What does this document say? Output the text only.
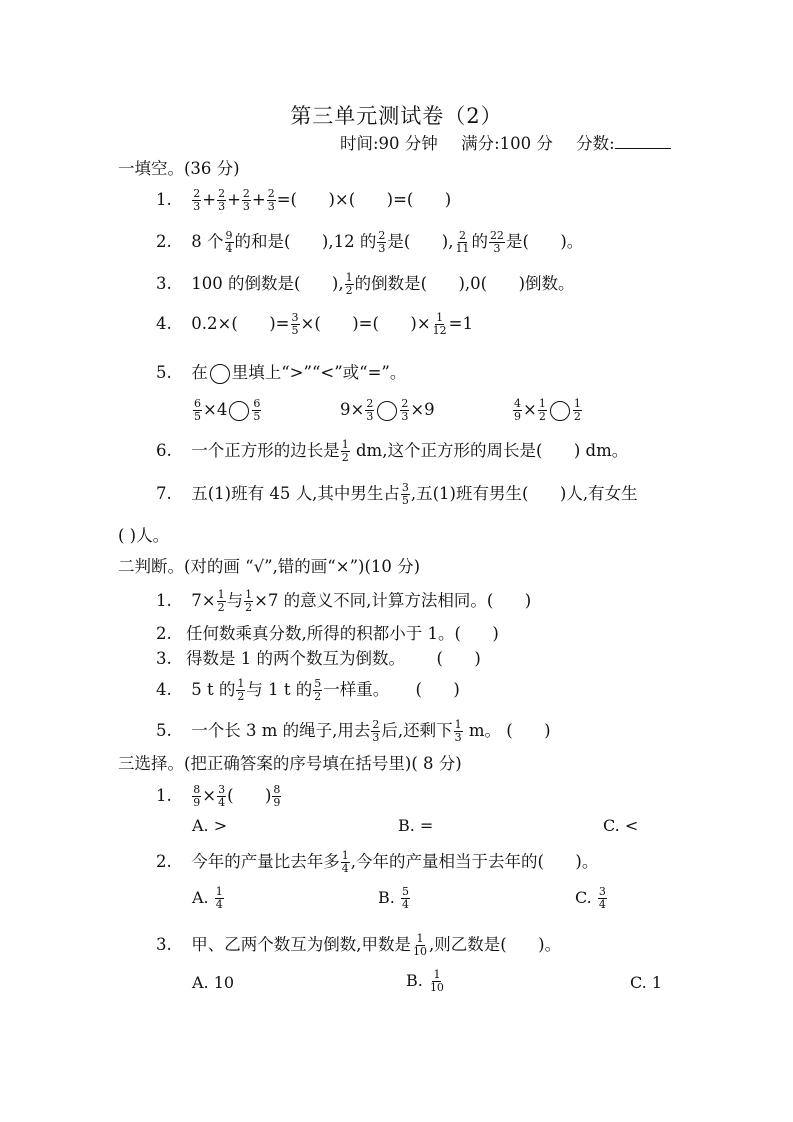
第三单元测试卷（2）
时间:90 分钟 满分:100 分 分数:
一填空。(36 分)
1. $\frac{2}{3} + \frac{2}{3} + \frac{2}{3} + \frac{2}{3}$ =(      )×(      )=(      )
2. 8 个 $\frac{9}{4}$ 的和是(      ),12 的 $\frac{2}{3}$ 是(      ), $\frac{2}{11}$ 的 $\frac{22}{3}$ 是(      )。
3. 100 的倒数是(      ), $\frac{1}{2}$ 的倒数是(      ),0(      )倒数。
4. 0.2×(      )= $\frac{3}{5}$ ×(      )=(      )× $\frac{1}{12} =1$
5. 在 里填上“>”“<”或“=”。
$\frac{6}{5} \times 4 \frac{6}{5}$	$9\times \frac{2}{3} \frac{2}{3} \times 9$	$\frac{4}{9} \times \frac{1}{2} \frac{1}{2}$
6. 一个正方形的边长是 $\frac{1}{2}$ dm,这个正方形的周长是(      ) dm。
7. 五(1)班有 45 人,其中男生占 $\frac{3}{5}$ ,五(1)班有男生(      )人,有女生
( )人。
二判断。(对的画 “√”,错的画“×”)(10 分)
1. $7\times \frac{1}{2}$ 与 $\frac{1}{2} \times 7$ 的意义不同,计算方法相同。(      )
2. 任何数乘真分数,所得的积都小于 1。(      )
3. 得数是 1 的两个数互为倒数。      (      )
4. 5 t 的 $\frac{1}{2}$ 与 1 t 的 $\frac{5}{2}$ 一样重。     (      )
5. 一个长 3 m 的绳子,用去 $\frac{2}{3}$ 后,还剩下 $\frac{1}{3}$ m。 (      )
三选择。(把正确答案的序号填在括号里)( 8 分)
1. $\frac{8}{9} \times \frac{3}{4}$ (      ) $\frac{8}{9}$
A. >	B. =	C. <
2. 今年的产量比去年多 $\frac{1}{4}$ ,今年的产量相当于去年的(      )。
A. $\frac{1}{4}$	B. $\frac{5}{4}$	C. $\frac{3}{4}$
3. 甲、乙两个数互为倒数,甲数是 $\frac{1}{10}$ ,则乙数是(      )。
A. 10	B. $\frac{1}{10}$	C. 1
